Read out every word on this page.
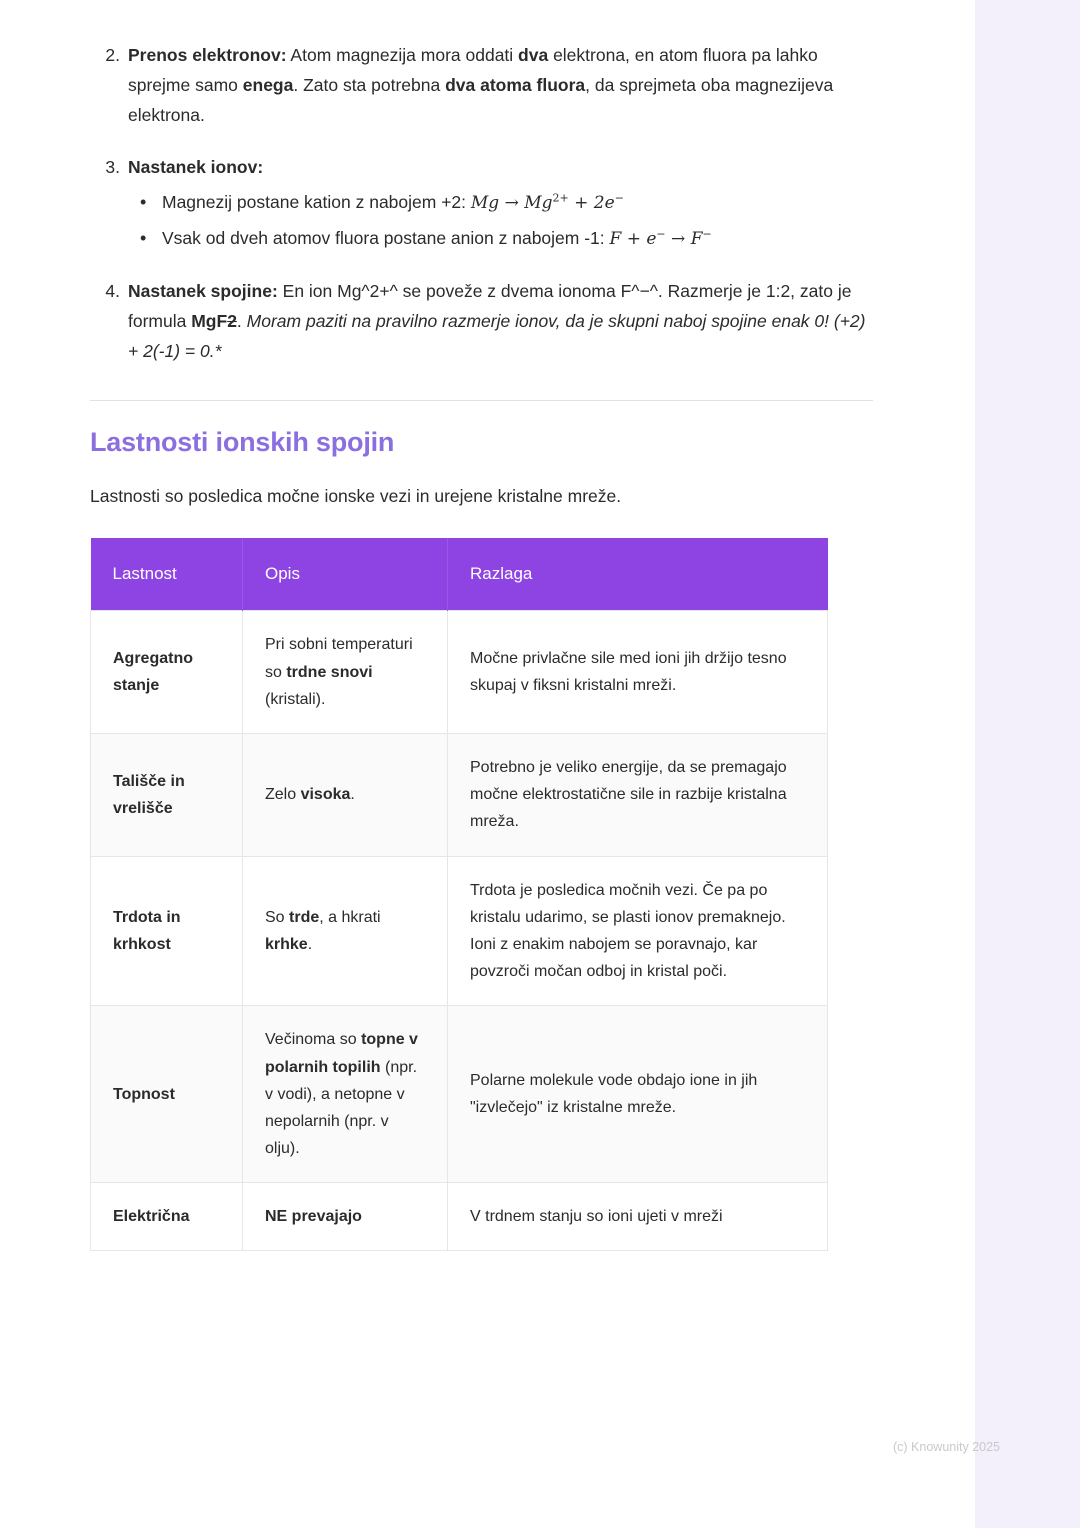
2. Prenos elektronov: Atom magnezija mora oddati dva elektrona, en atom fluora pa lahko sprejme samo enega. Zato sta potrebna dva atoma fluora, da sprejmeta oba magnezijeva elektrona.
3. Nastanek ionov:
• Magnezij postane kation z nabojem +2: $Mg \to Mg^{2+} + 2e^-$
• Vsak od dveh atomov fluora postane anion z nabojem -1: F + e− → F−
4. Nastanek spojine: En ion Mg^2+^ se poveže z dvema ionoma F^−^. Razmerje je 1:2, zato je formula MgF2. Moram paziti na pravilno razmerje ionov, da je skupni naboj spojine enak 0! (+2) + 2(-1) = 0.*
Lastnosti ionskih spojin

Lastnosti so posledica močne ionske vezi in urejene kristalne mreže.

Lastnost	Opis	Razlaga
Agregatno stanje	Pri sobni temperaturi so trdne snovi (kristali).	Močne privlačne sile med ioni jih držijo tesno skupaj v fiksni kristalni mreži.
Tališče in vrelišče	Zelo visoka.	Potrebno je veliko energije, da se premagajo močne elektrostatične sile in razbije kristalna mreža.
Trdota in krhkost	So trde, a hkrati krhke.	Trdota je posledica močnih vezi. Če pa po kristalu udarimo, se plasti ionov premaknejo. Ioni z enakim nabojem se poravnajo, kar povzroči močan odboj in kristal poči.
Topnost	Večinoma so topne v polarnih topilih (npr. v vodi), a netopne v nepolarnih (npr. v olju).	Polarne molekule vode obdajo ione in jih "izvlečejo" iz kristalne mreže.
Električna	NE prevajajo	V trdnem stanju so ioni ujeti v mreži
(c) Knowunity 2025
